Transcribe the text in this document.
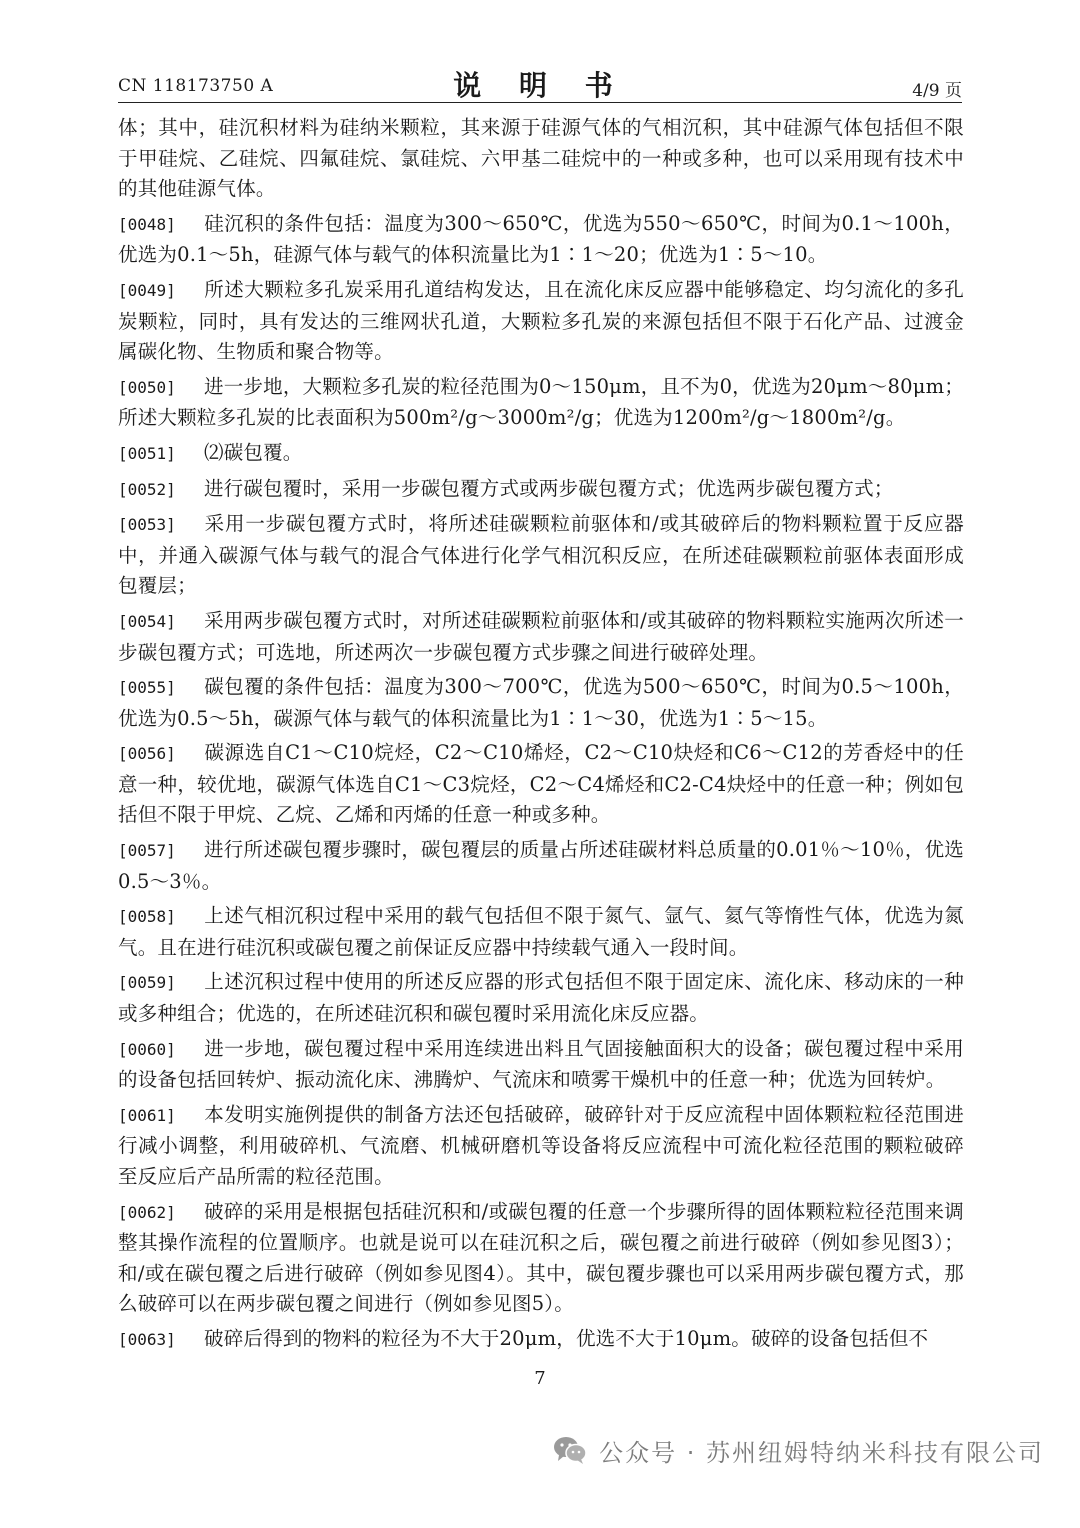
CN 118173750 A	说 明 书	4/9 页

体；其中，硅沉积材料为硅纳米颗粒，其来源于硅源气体的气相沉积，其中硅源气体包括但不限于甲硅烷、乙硅烷、四氟硅烷、氯硅烷、六甲基二硅烷中的一种或多种，也可以采用现有技术中的其他硅源气体。

[0048] 硅沉积的条件包括：温度为300～650℃，优选为550～650℃，时间为0.1～100h，优选为0.1～5h，硅源气体与载气的体积流量比为1∶1～20；优选为1∶5～10。

[0049] 所述大颗粒多孔炭采用孔道结构发达，且在流化床反应器中能够稳定、均匀流化的多孔炭颗粒，同时，具有发达的三维网状孔道，大颗粒多孔炭的来源包括但不限于石化产品、过渡金属碳化物、生物质和聚合物等。

[0050] 进一步地，大颗粒多孔炭的粒径范围为0～150μm，且不为0，优选为20μm～80μm；所述大颗粒多孔炭的比表面积为500m²/g～3000m²/g；优选为1200m²/g～1800m²/g。

[0051] ⑵碳包覆。

[0052] 进行碳包覆时，采用一步碳包覆方式或两步碳包覆方式；优选两步碳包覆方式；

[0053] 采用一步碳包覆方式时，将所述硅碳颗粒前驱体和/或其破碎后的物料颗粒置于反应器中，并通入碳源气体与载气的混合气体进行化学气相沉积反应，在所述硅碳颗粒前驱体表面形成包覆层；

[0054] 采用两步碳包覆方式时，对所述硅碳颗粒前驱体和/或其破碎的物料颗粒实施两次所述一步碳包覆方式；可选地，所述两次一步碳包覆方式步骤之间进行破碎处理。

[0055] 碳包覆的条件包括：温度为300～700℃，优选为500～650℃，时间为0.5～100h，优选为0.5～5h，碳源气体与载气的体积流量比为1∶1～30，优选为1∶5～15。

[0056] 碳源选自C1～C10烷烃，C2～C10烯烃，C2～C10炔烃和C6～C12的芳香烃中的任意一种，较优地，碳源气体选自C1～C3烷烃，C2～C4烯烃和C2-C4炔烃中的任意一种；例如包括但不限于甲烷、乙烷、乙烯和丙烯的任意一种或多种。

[0057] 进行所述碳包覆步骤时，碳包覆层的质量占所述硅碳材料总质量的0.01％～10％，优选0.5～3％。

[0058] 上述气相沉积过程中采用的载气包括但不限于氮气、氩气、氦气等惰性气体，优选为氮气。且在进行硅沉积或碳包覆之前保证反应器中持续载气通入一段时间。

[0059] 上述沉积过程中使用的所述反应器的形式包括但不限于固定床、流化床、移动床的一种或多种组合；优选的，在所述硅沉积和碳包覆时采用流化床反应器。

[0060] 进一步地，碳包覆过程中采用连续进出料且气固接触面积大的设备；碳包覆过程中采用的设备包括回转炉、振动流化床、沸腾炉、气流床和喷雾干燥机中的任意一种；优选为回转炉。

[0061] 本发明实施例提供的制备方法还包括破碎，破碎针对于反应流程中固体颗粒粒径范围进行减小调整，利用破碎机、气流磨、机械研磨机等设备将反应流程中可流化粒径范围的颗粒破碎至反应后产品所需的粒径范围。

[0062] 破碎的采用是根据包括硅沉积和/或碳包覆的任意一个步骤所得的固体颗粒粒径范围来调整其操作流程的位置顺序。也就是说可以在硅沉积之后，碳包覆之前进行破碎（例如参见图3）；和/或在碳包覆之后进行破碎（例如参见图4）。其中，碳包覆步骤也可以采用两步碳包覆方式，那么破碎可以在两步碳包覆之间进行（例如参见图5）。

[0063] 破碎后得到的物料的粒径为不大于20μm，优选不大于10μm。破碎的设备包括但不

7
公众号 · 苏州纽姆特纳米科技有限公司
